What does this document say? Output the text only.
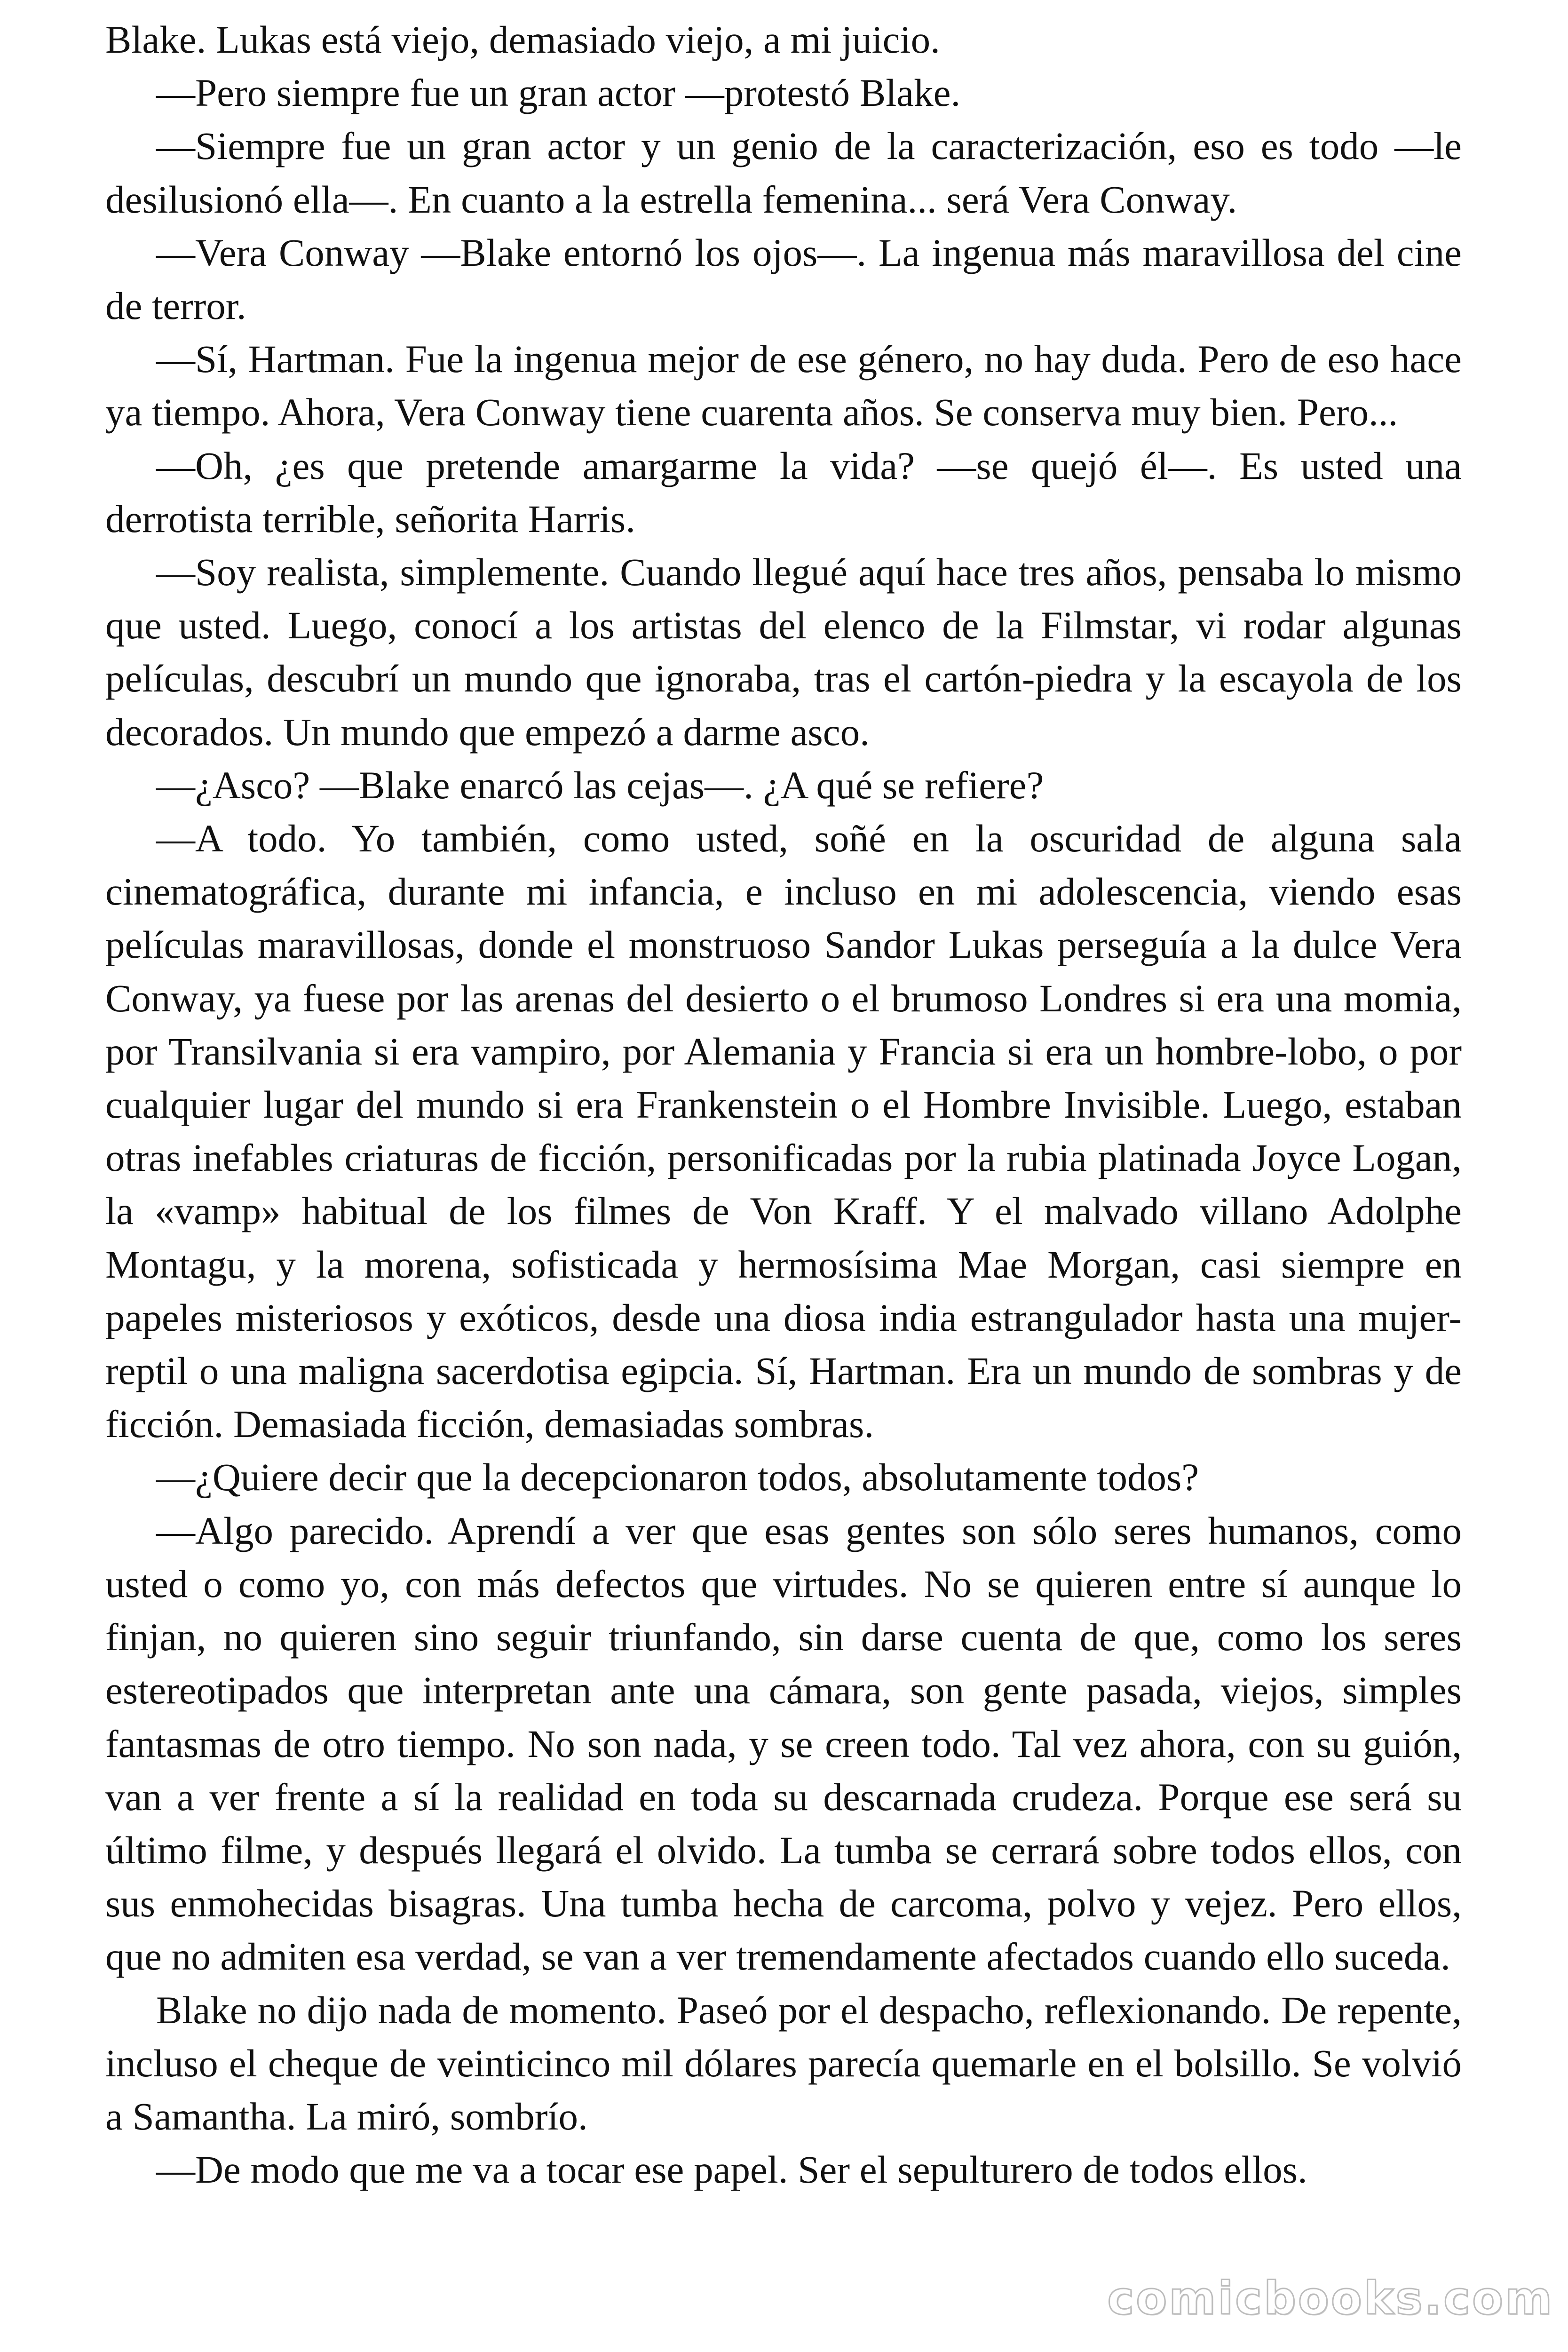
Blake. Lukas está viejo, demasiado viejo, a mi juicio.

—Pero siempre fue un gran actor —protestó Blake.

—Siempre fue un gran actor y un genio de la caracterización, eso es todo —le desilusionó ella—. En cuanto a la estrella femenina... será Vera Conway.

—Vera Conway —Blake entornó los ojos—. La ingenua más maravillosa del cine de terror.

—Sí, Hartman. Fue la ingenua mejor de ese género, no hay duda. Pero de eso hace ya tiempo. Ahora, Vera Conway tiene cuarenta años. Se conserva muy bien. Pero...

—Oh, ¿es que pretende amargarme la vida? —se quejó él—. Es usted una derrotista terrible, señorita Harris.

—Soy realista, simplemente. Cuando llegué aquí hace tres años, pensaba lo mismo que usted. Luego, conocí a los artistas del elenco de la Filmstar, vi rodar algunas películas, descubrí un mundo que ignoraba, tras el cartón-piedra y la escayola de los decorados. Un mundo que empezó a darme asco.

—¿Asco? —Blake enarcó las cejas—. ¿A qué se refiere?

—A todo. Yo también, como usted, soñé en la oscuridad de alguna sala cinematográfica, durante mi infancia, e incluso en mi adolescencia, viendo esas películas maravillosas, donde el monstruoso Sandor Lukas perseguía a la dulce Vera Conway, ya fuese por las arenas del desierto o el brumoso Londres si era una momia, por Transilvania si era vampiro, por Alemania y Francia si era un hombre-lobo, o por cualquier lugar del mundo si era Frankenstein o el Hombre Invisible. Luego, estaban otras inefables criaturas de ficción, personificadas por la rubia platinada Joyce Logan, la «vamp» habitual de los filmes de Von Kraff. Y el malvado villano Adolphe Montagu, y la morena, sofisticada y hermosísima Mae Morgan, casi siempre en papeles misteriosos y exóticos, desde una diosa india estrangulador hasta una mujer-reptil o una maligna sacerdotisa egipcia. Sí, Hartman. Era un mundo de sombras y de ficción. Demasiada ficción, demasiadas sombras.

—¿Quiere decir que la decepcionaron todos, absolutamente todos?

—Algo parecido. Aprendí a ver que esas gentes son sólo seres humanos, como usted o como yo, con más defectos que virtudes. No se quieren entre sí aunque lo finjan, no quieren sino seguir triunfando, sin darse cuenta de que, como los seres estereotipados que interpretan ante una cámara, son gente pasada, viejos, simples fantasmas de otro tiempo. No son nada, y se creen todo. Tal vez ahora, con su guión, van a ver frente a sí la realidad en toda su descarnada crudeza. Porque ese será su último filme, y después llegará el olvido. La tumba se cerrará sobre todos ellos, con sus enmohecidas bisagras. Una tumba hecha de carcoma, polvo y vejez. Pero ellos, que no admiten esa verdad, se van a ver tremendamente afectados cuando ello suceda.

Blake no dijo nada de momento. Paseó por el despacho, reflexionando. De repente, incluso el cheque de veinticinco mil dólares parecía quemarle en el bolsillo. Se volvió a Samantha. La miró, sombrío.

—De modo que me va a tocar ese papel. Ser el sepulturero de todos ellos.

comicbooks.com
